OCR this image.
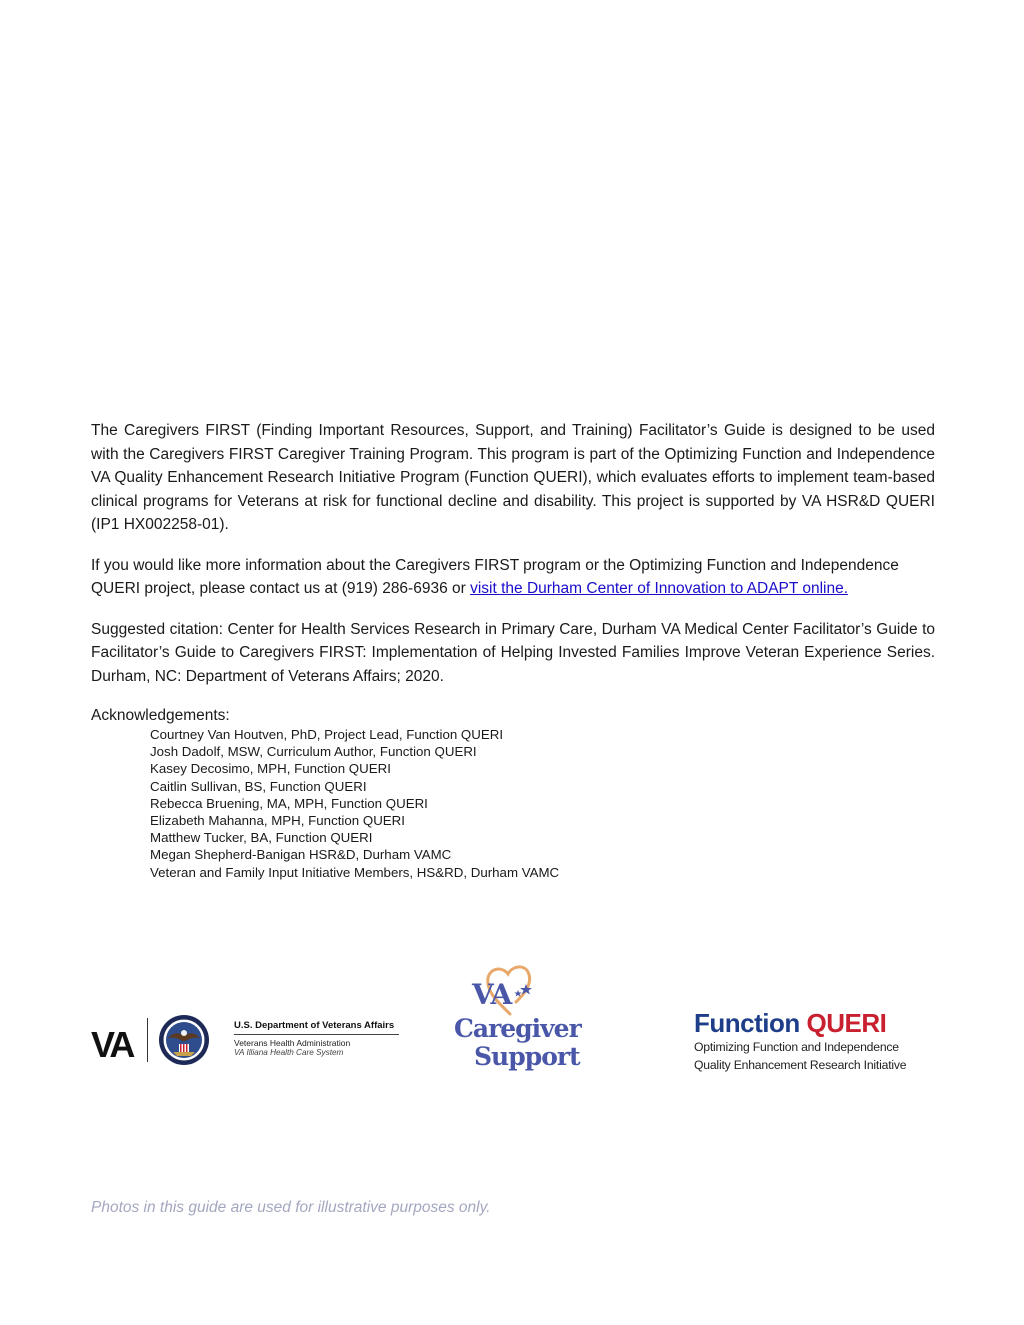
The Caregivers FIRST (Finding Important Resources, Support, and Training) Facilitator’s Guide is designed to be used with the Caregivers FIRST Caregiver Training Program. This program is part of the Optimizing Function and Independence VA Quality Enhancement Research Initiative Program (Function QUERI), which evaluates efforts to implement team-based clinical programs for Veterans at risk for functional decline and disability. This project is supported by VA HSR&D QUERI (IP1 HX002258-01).

If you would like more information about the Caregivers FIRST program or the Optimizing Function and Independence QUERI project, please contact us at (919) 286-6936 or visit the Durham Center of Innovation to ADAPT online.

Suggested citation: Center for Health Services Research in Primary Care, Durham VA Medical Center Facilitator’s Guide to Facilitator’s Guide to Caregivers FIRST: Implementation of Helping Invested Families Improve Veteran Experience Series. Durham, NC: Department of Veterans Affairs; 2020.

Acknowledgements:
Courtney Van Houtven, PhD, Project Lead, Function QUERI
Josh Dadolf, MSW, Curriculum Author, Function QUERI
Kasey Decosimo, MPH, Function QUERI
Caitlin Sullivan, BS, Function QUERI
Rebecca Bruening, MA, MPH, Function QUERI
Elizabeth Mahanna, MPH, Function QUERI
Matthew Tucker, BA, Function QUERI
Megan Shepherd-Banigan HSR&D, Durham VAMC
Veteran and Family Input Initiative Members, HS&RD, Durham VAMC
VA	U.S. Department of Veterans Affairs
Veterans Health Administration
VA Illiana Health Care System
VA
Caregiver
Support
Function QUERI
Optimizing Function and Independence
Quality Enhancement Research Initiative
Photos in this guide are used for illustrative purposes only.
